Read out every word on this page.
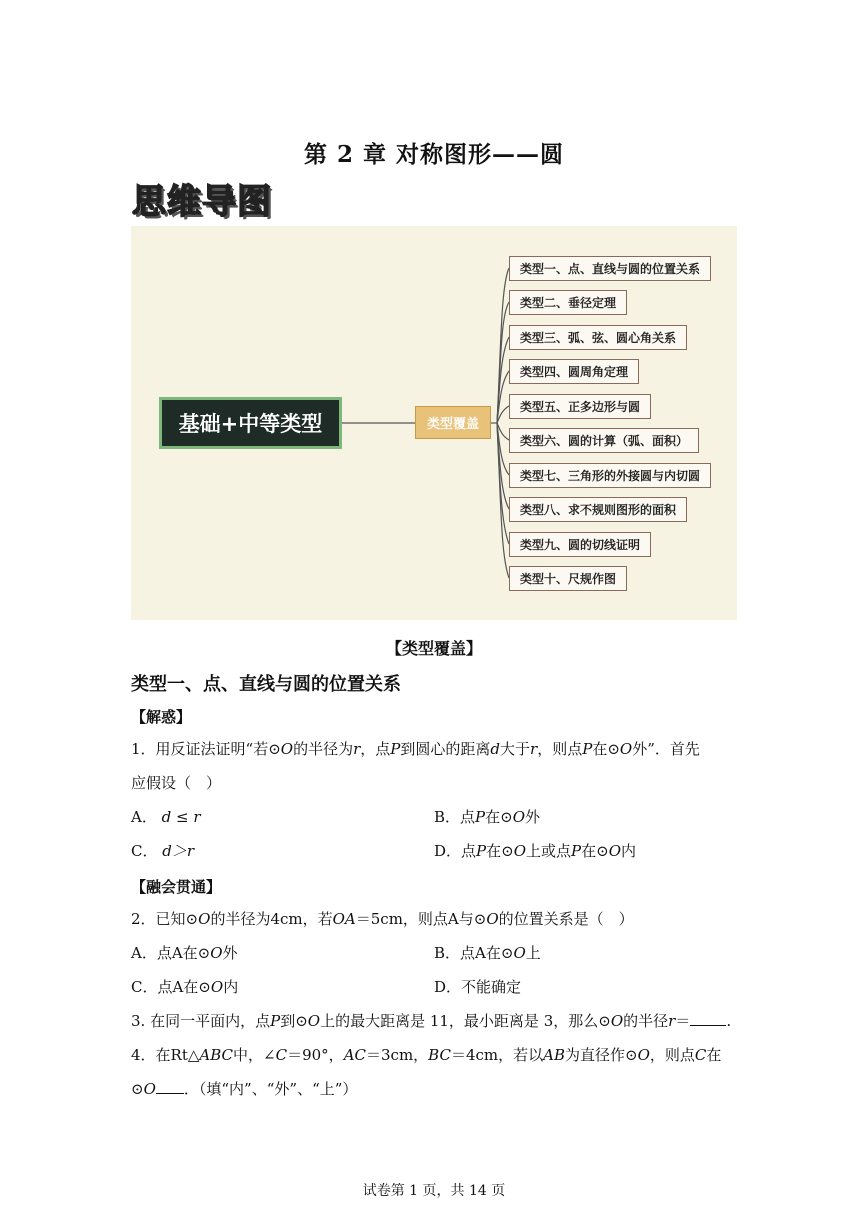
第 2 章 对称图形——圆
思维导图
基础+中等类型	类型覆盖
类型一、点、直线与圆的位置关系
类型二、垂径定理
类型三、弧、弦、圆心角关系
类型四、圆周角定理
类型五、正多边形与圆
类型六、圆的计算（弧、面积）
类型七、三角形的外接圆与内切圆
类型八、求不规则图形的面积
类型九、圆的切线证明
类型十、尺规作图
【类型覆盖】
类型一、点、直线与圆的位置关系
【解惑】
1．用反证法证明“若⊙O的半径为r，点P到圆心的距离d大于r，则点P在⊙O外”．首先
应假设（　）
A． d ≤ r	B．点P在⊙O外
C． d＞r	D．点P在⊙O上或点P在⊙O内
【融会贯通】
2．已知⊙O的半径为4cm，若OA＝5cm，则点A与⊙O的位置关系是（　）
A．点A在⊙O外	B．点A在⊙O上
C．点A在⊙O内	D．不能确定
3. 在同一平面内，点P到⊙O上的最大距离是 11，最小距离是 3，那么⊙O的半径r＝ .
4．在Rt△ABC中，∠C＝90°，AC＝3cm，BC＝4cm，若以AB为直径作⊙O，则点C在
⊙O ．（填“内”、“外”、“上”）
试卷第 1 页，共 14 页
